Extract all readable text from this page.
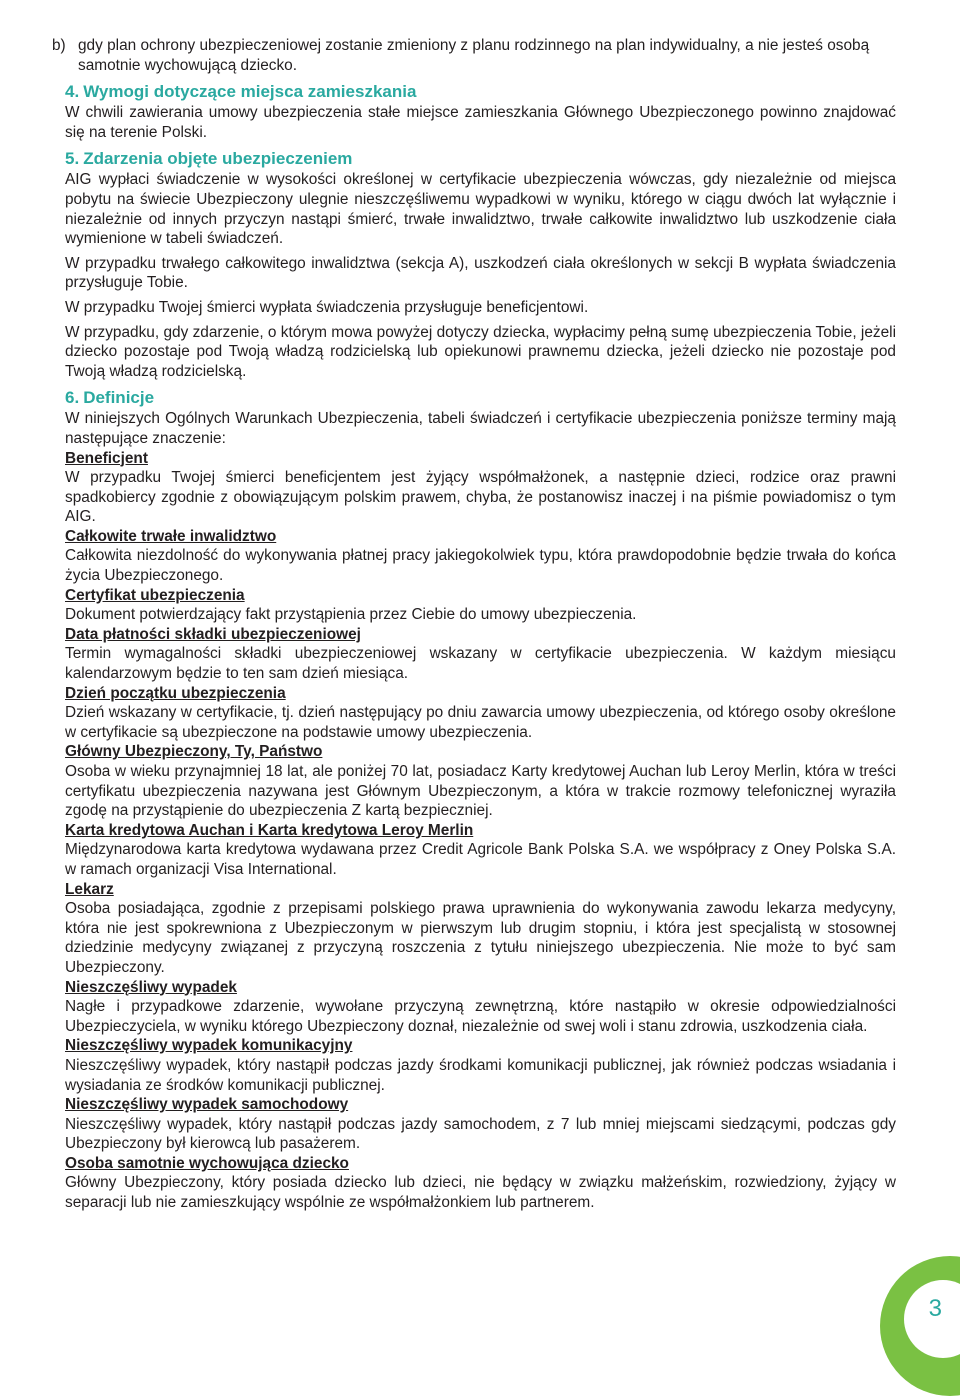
b) gdy plan ochrony ubezpieczeniowej zostanie zmieniony z planu rodzinnego na plan indywidualny, a nie jesteś osobą samotnie wychowującą dziecko.
4. Wymogi dotyczące miejsca zamieszkania

W chwili zawierania umowy ubezpieczenia stałe miejsce zamieszkania Głównego Ubezpieczonego powinno znajdować się na terenie Polski.

5. Zdarzenia objęte ubezpieczeniem

AIG wypłaci świadczenie w wysokości określonej w certyfikacie ubezpieczenia wówczas, gdy niezależnie od miejsca pobytu na świecie Ubezpieczony ulegnie nieszczęśliwemu wypadkowi w wyniku, którego w ciągu dwóch lat wyłącznie i niezależnie od innych przyczyn nastąpi śmierć, trwałe inwalidztwo, trwałe całkowite inwalidztwo lub uszkodzenie ciała wymienione w tabeli świadczeń.

W przypadku trwałego całkowitego inwalidztwa (sekcja A), uszkodzeń ciała określonych w sekcji B wypłata świadczenia przysługuje Tobie.

W przypadku Twojej śmierci wypłata świadczenia przysługuje beneficjentowi.

W przypadku, gdy zdarzenie, o którym mowa powyżej dotyczy dziecka, wypłacimy pełną sumę ubezpieczenia Tobie, jeżeli dziecko pozostaje pod Twoją władzą rodzicielską lub opiekunowi prawnemu dziecka, jeżeli dziecko nie pozostaje pod Twoją władzą rodzicielską.

6. Definicje

W niniejszych Ogólnych Warunkach Ubezpieczenia, tabeli świadczeń i certyfikacie ubezpieczenia poniższe terminy mają następujące znaczenie:

Beneficjent
W przypadku Twojej śmierci beneficjentem jest żyjący współmałżonek, a następnie dzieci, rodzice oraz prawni spadkobiercy zgodnie z obowiązującym polskim prawem, chyba, że postanowisz inaczej i na piśmie powiadomisz o tym AIG.
Całkowite trwałe inwalidztwo
Całkowita niezdolność do wykonywania płatnej pracy jakiegokolwiek typu, która prawdopodobnie będzie trwała do końca życia Ubezpieczonego.
Certyfikat ubezpieczenia
Dokument potwierdzający fakt przystąpienia przez Ciebie do umowy ubezpieczenia.
Data płatności składki ubezpieczeniowej
Termin wymagalności składki ubezpieczeniowej wskazany w certyfikacie ubezpieczenia. W każdym miesiącu kalendarzowym będzie to ten sam dzień miesiąca.
Dzień początku ubezpieczenia
Dzień wskazany w certyfikacie, tj. dzień następujący po dniu zawarcia umowy ubezpieczenia, od którego osoby określone w certyfikacie są ubezpieczone na podstawie umowy ubezpieczenia.
Główny Ubezpieczony, Ty, Państwo
Osoba w wieku przynajmniej 18 lat, ale poniżej 70 lat, posiadacz Karty kredytowej Auchan lub Leroy Merlin, która w treści certyfikatu ubezpieczenia nazywana jest Głównym Ubezpieczonym, a która w trakcie rozmowy telefonicznej wyraziła zgodę na przystąpienie do ubezpieczenia Z kartą bezpieczniej.
Karta kredytowa Auchan i Karta kredytowa Leroy Merlin
Międzynarodowa karta kredytowa wydawana przez Credit Agricole Bank Polska S.A. we współpracy z Oney Polska S.A. w ramach organizacji Visa International.
Lekarz
Osoba posiadająca, zgodnie z przepisami polskiego prawa uprawnienia do wykonywania zawodu lekarza medycyny, która nie jest spokrewniona z Ubezpieczonym w pierwszym lub drugim stopniu, i która jest specjalistą w stosownej dziedzinie medycyny związanej z przyczyną roszczenia z tytułu niniejszego ubezpieczenia. Nie może to być sam Ubezpieczony.
Nieszczęśliwy wypadek
Nagłe i przypadkowe zdarzenie, wywołane przyczyną zewnętrzną, które nastąpiło w okresie odpowiedzialności Ubezpieczyciela, w wyniku którego Ubezpieczony doznał, niezależnie od swej woli i stanu zdrowia, uszkodzenia ciała.
Nieszczęśliwy wypadek komunikacyjny
Nieszczęśliwy wypadek, który nastąpił podczas jazdy środkami komunikacji publicznej, jak również podczas wsiadania i wysiadania ze środków komunikacji publicznej.
Nieszczęśliwy wypadek samochodowy
Nieszczęśliwy wypadek, który nastąpił podczas jazdy samochodem, z 7 lub mniej miejscami siedzącymi, podczas gdy Ubezpieczony był kierowcą lub pasażerem.
Osoba samotnie wychowująca dziecko
Główny Ubezpieczony, który posiada dziecko lub dzieci, nie będący w związku małżeńskim, rozwiedziony, żyjący w separacji lub nie zamieszkujący wspólnie ze współmałżonkiem lub partnerem.
3
